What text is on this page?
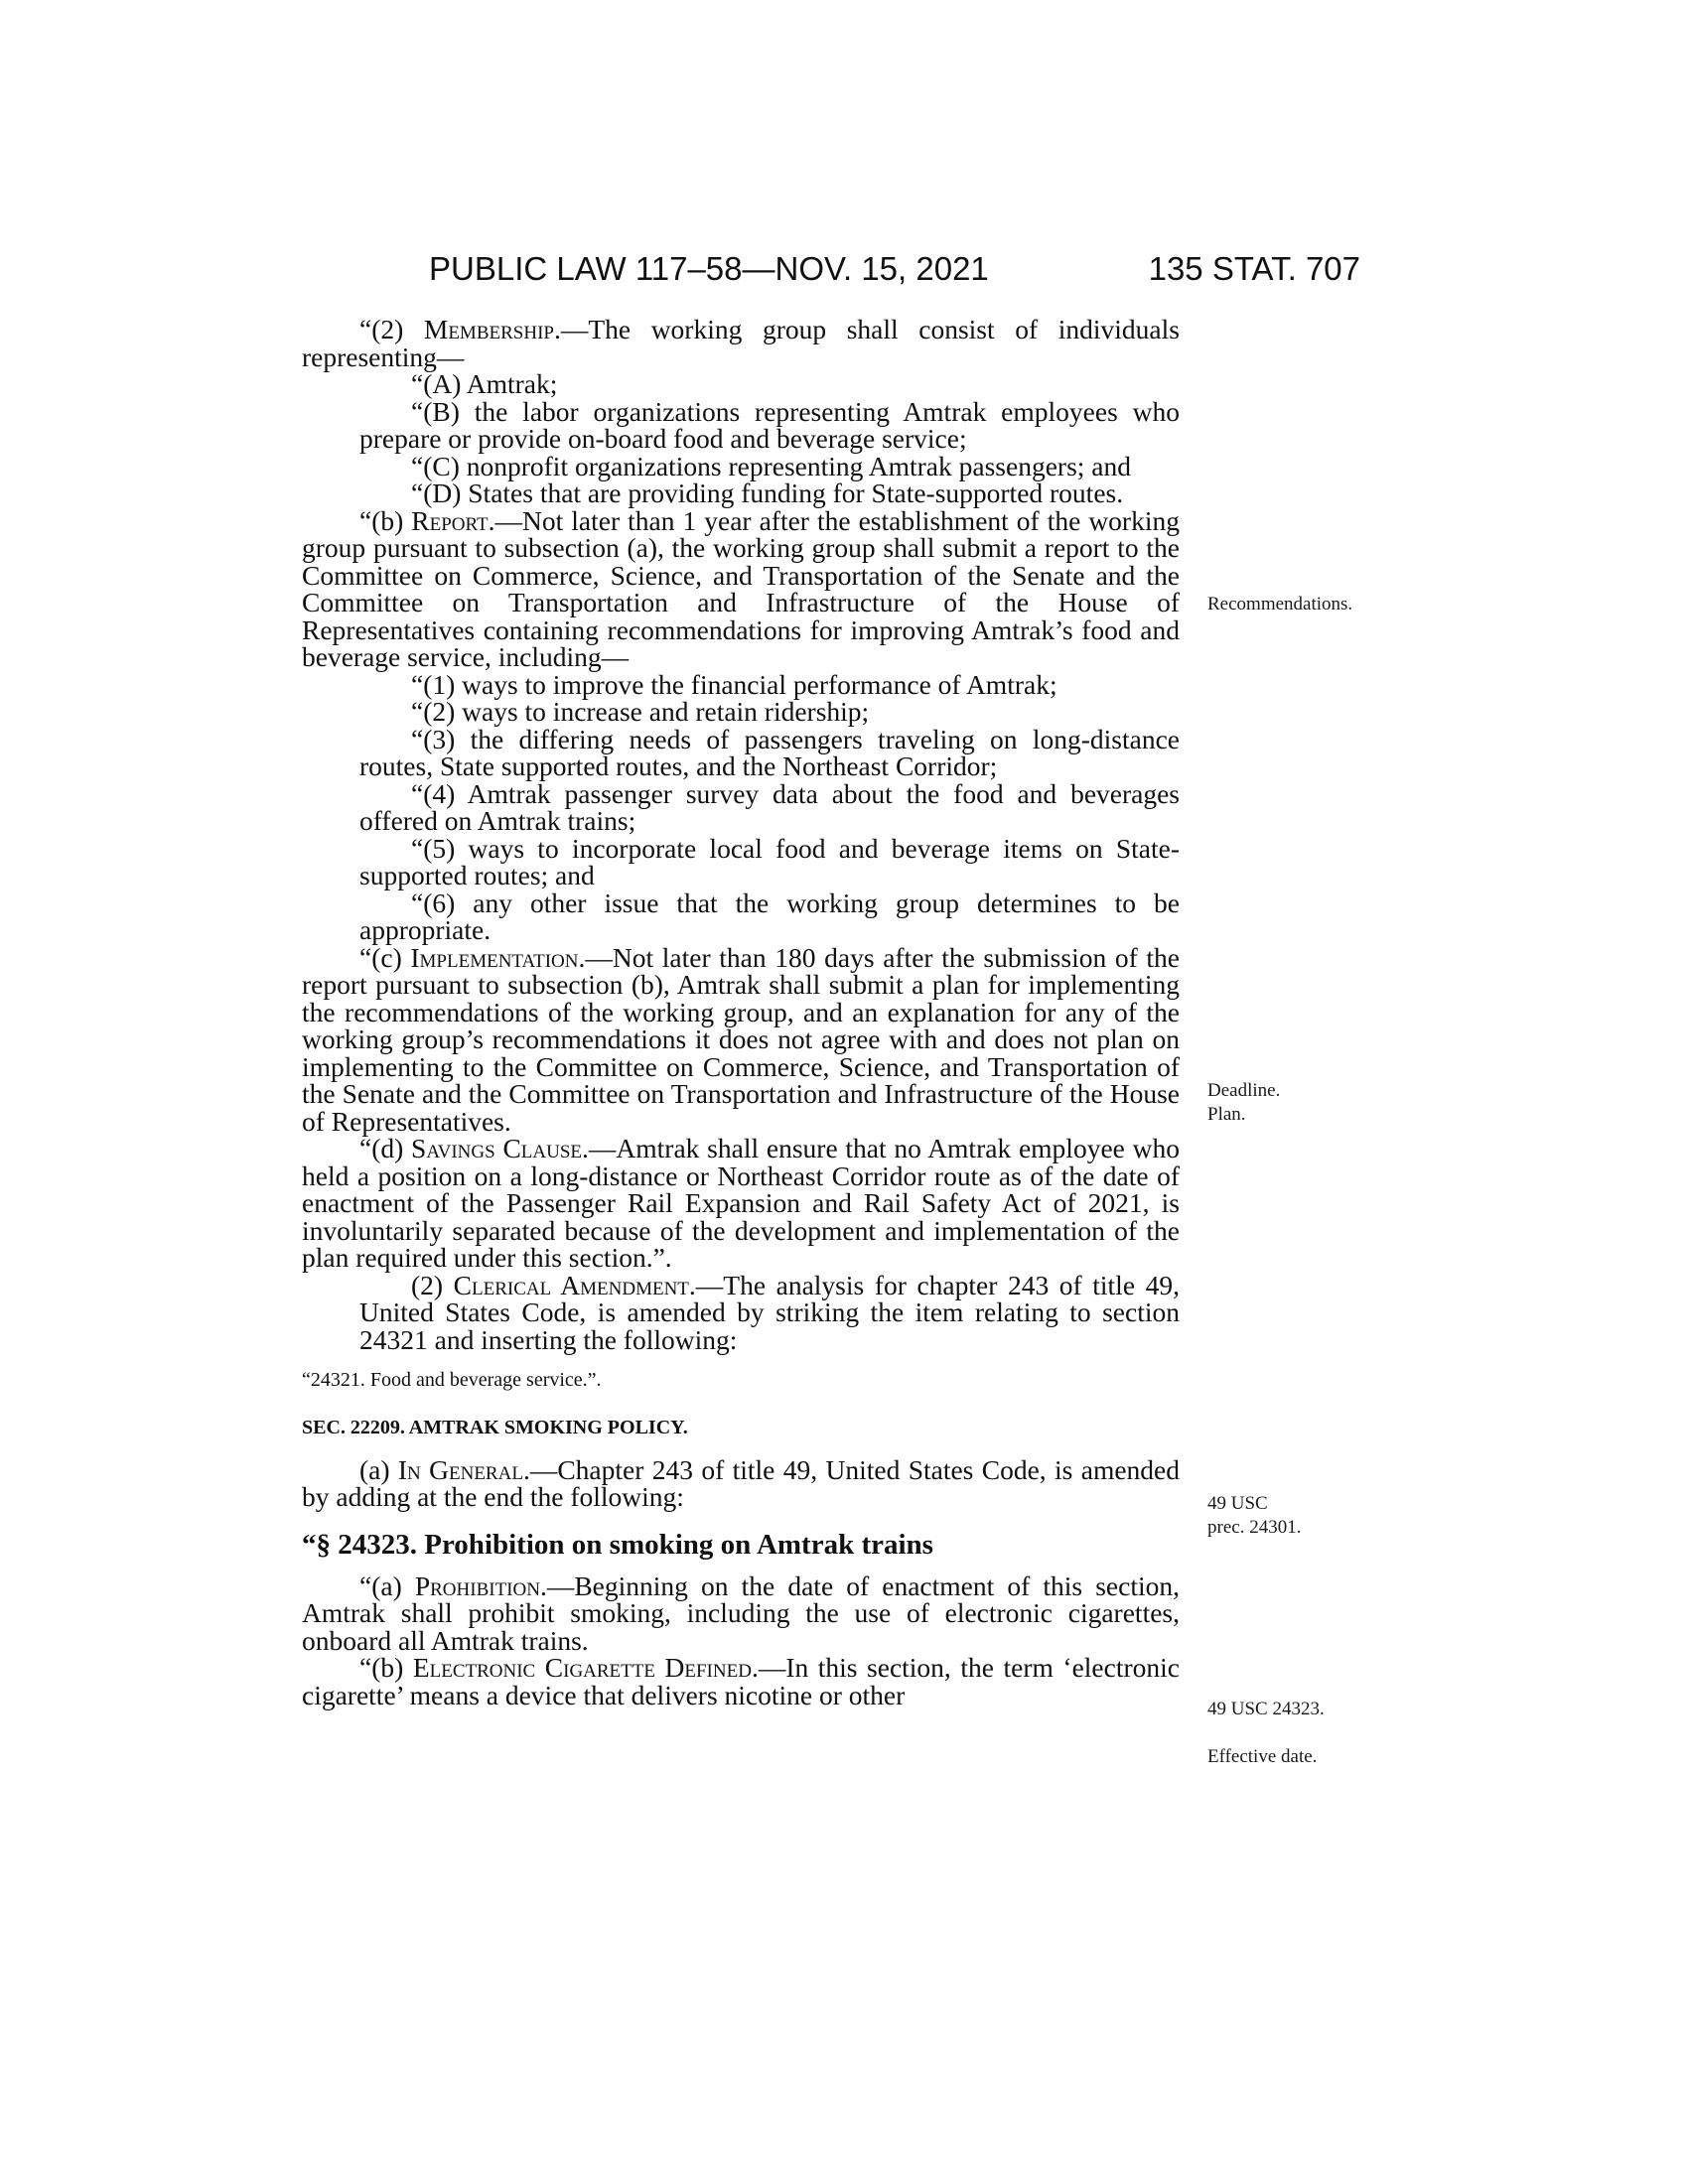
PUBLIC LAW 117–58—NOV. 15, 2021	135 STAT. 707

“(2) Membership.—The working group shall consist of individuals representing—

“(A) Amtrak;

“(B) the labor organizations representing Amtrak employees who prepare or provide on-board food and beverage service;

“(C) nonprofit organizations representing Amtrak passengers; and

“(D) States that are providing funding for State-supported routes.

“(b) Report.—Not later than 1 year after the establishment of the working group pursuant to subsection (a), the working group shall submit a report to the Committee on Commerce, Science, and Transportation of the Senate and the Committee on Transportation and Infrastructure of the House of Representatives containing recommendations for improving Amtrak’s food and beverage service, including—

“(1) ways to improve the financial performance of Amtrak;

“(2) ways to increase and retain ridership;

“(3) the differing needs of passengers traveling on long-distance routes, State supported routes, and the Northeast Corridor;

“(4) Amtrak passenger survey data about the food and beverages offered on Amtrak trains;

“(5) ways to incorporate local food and beverage items on State-supported routes; and

“(6) any other issue that the working group determines to be appropriate.

“(c) Implementation.—Not later than 180 days after the submission of the report pursuant to subsection (b), Amtrak shall submit a plan for implementing the recommendations of the working group, and an explanation for any of the working group’s recommendations it does not agree with and does not plan on implementing to the Committee on Commerce, Science, and Transportation of the Senate and the Committee on Transportation and Infrastructure of the House of Representatives.

“(d) Savings Clause.—Amtrak shall ensure that no Amtrak employee who held a position on a long-distance or Northeast Corridor route as of the date of enactment of the Passenger Rail Expansion and Rail Safety Act of 2021, is involuntarily separated because of the development and implementation of the plan required under this section.”.

(2) Clerical Amendment.—The analysis for chapter 243 of title 49, United States Code, is amended by striking the item relating to section 24321 and inserting the following:

“24321. Food and beverage service.”.

SEC. 22209. AMTRAK SMOKING POLICY.

(a) In General.—Chapter 243 of title 49, United States Code, is amended by adding at the end the following:

“§ 24323. Prohibition on smoking on Amtrak trains

“(a) Prohibition.—Beginning on the date of enactment of this section, Amtrak shall prohibit smoking, including the use of electronic cigarettes, onboard all Amtrak trains.

“(b) Electronic Cigarette Defined.—In this section, the term ‘electronic cigarette’ means a device that delivers nicotine or other

Recommendations.
Deadline.
Plan.
49 USC
prec. 24301.
49 USC 24323.
Effective date.
